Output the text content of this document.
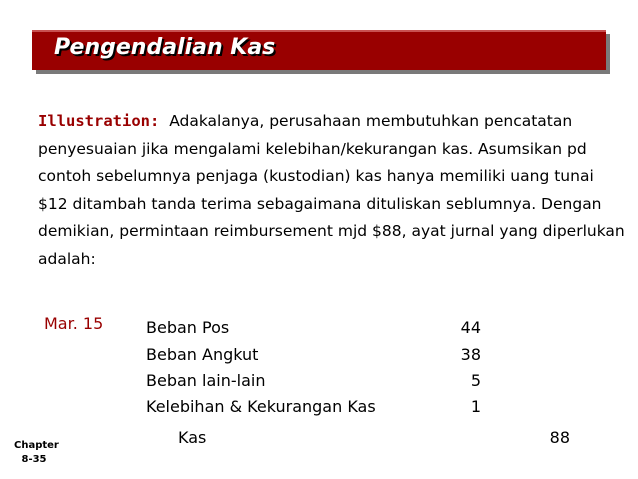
Pengendalian Kas
Illustration: Adakalanya, perusahaan membutuhkan pencatatan penyesuaian jika mengalami kelebihan/kekurangan kas. Asumsikan pd contoh sebelumnya penjaga (kustodian) kas hanya memiliki uang tunai $12 ditambah tanda terima sebagaimana dituliskan seblumnya. Dengan demikian, permintaan reimbursement mjd $88, ayat jurnal yang diperlukan adalah:
Mar. 15	Beban Pos	44
Beban Angkut	38
Beban lain-lain	5
Kelebihan & Kekurangan Kas	1
Kas	88
Chapter
8-35
